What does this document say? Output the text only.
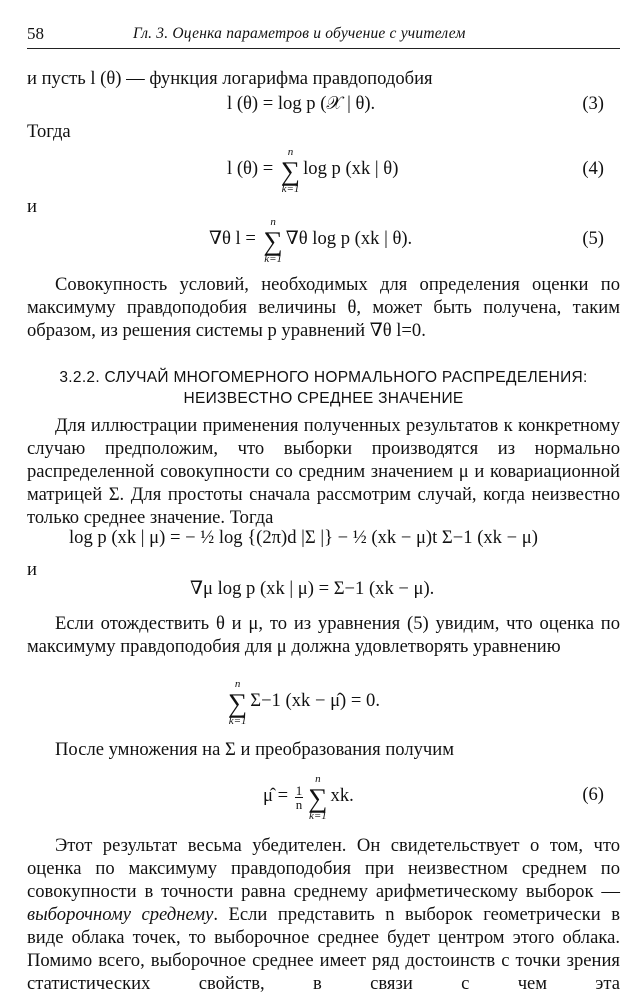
58	Гл. 3. Оценка параметров и обучение с учителем
и пусть l (θ) — функция логарифма правдоподобия
l (θ) = log p (𝒳 | θ).	(3)
Тогда
l (θ) = ∑
n
k=1
log p (xk | θ)	(4)
и
∇θ l = ∑
n
k=1
∇θ log p (xk | θ).	(5)
Совокупность условий, необходимых для определения оценки по максимуму правдоподобия величины θ, может быть получена, таким образом, из решения системы p уравнений ∇θ l=0.
3.2.2. СЛУЧАЙ МНОГОМЕРНОГО НОРМАЛЬНОГО РАСПРЕДЕЛЕНИЯ:
НЕИЗВЕСТНО СРЕДНЕЕ ЗНАЧЕНИЕ
Для иллюстрации применения полученных результатов к конкретному случаю предположим, что выборки производятся из нормально распределенной совокупности со средним значением μ и ковариационной матрицей Σ. Для простоты сначала рассмотрим случай, когда неизвестно только среднее значение. Тогда
log p (xk | μ) = − ½ log {(2π)d |Σ |} − ½ (xk − μ)t Σ−1 (xk − μ)
и
∇μ log p (xk | μ) = Σ−1 (xk − μ).
Если отождествить θ и μ, то из уравнения (5) увидим, что оценка по максимуму правдоподобия для μ должна удовлетворять уравнению
∑
n
k=1
Σ−1 (xk − μ̂) = 0.
После умножения на Σ и преобразования получим
μ̂ = $\frac{1}{n}$ ∑
n
k=1
xk.	(6)
Этот результат весьма убедителен. Он свидетельствует о том, что оценка по максимуму правдоподобия при неизвестном среднем по совокупности в точности равна среднему арифметическому выборок — выборочному среднему. Если представить n выборок геометрически в виде облака точек, то выборочное среднее будет центром этого облака. Помимо всего, выборочное среднее имеет ряд достоинств с точки зрения статистических свойств, в связи с чем эта
